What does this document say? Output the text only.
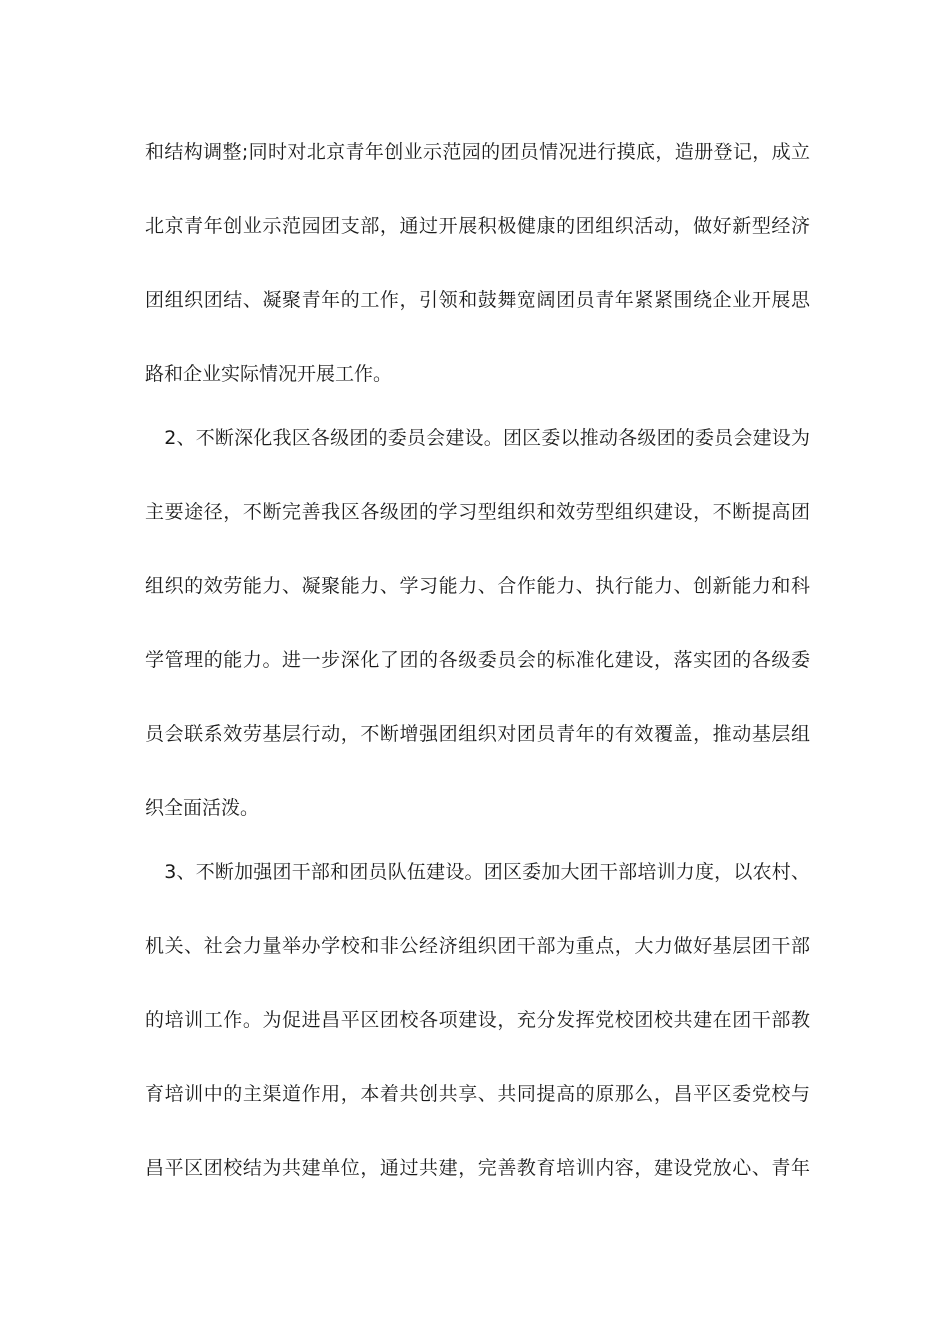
和结构调整;同时对北京青年创业示范园的团员情况进行摸底，造册登记，成立
北京青年创业示范园团支部，通过开展积极健康的团组织活动，做好新型经济
团组织团结、凝聚青年的工作，引领和鼓舞宽阔团员青年紧紧围绕企业开展思
路和企业实际情况开展工作。
　2、不断深化我区各级团的委员会建设。团区委以推动各级团的委员会建设为
主要途径，不断完善我区各级团的学习型组织和效劳型组织建设，不断提高团
组织的效劳能力、凝聚能力、学习能力、合作能力、执行能力、创新能力和科
学管理的能力。进一步深化了团的各级委员会的标准化建设，落实团的各级委
员会联系效劳基层行动，不断增强团组织对团员青年的有效覆盖，推动基层组
织全面活泼。
　3、不断加强团干部和团员队伍建设。团区委加大团干部培训力度，以农村、
机关、社会力量举办学校和非公经济组织团干部为重点，大力做好基层团干部
的培训工作。为促进昌平区团校各项建设，充分发挥党校团校共建在团干部教
育培训中的主渠道作用，本着共创共享、共同提高的原那么，昌平区委党校与
昌平区团校结为共建单位，通过共建，完善教育培训内容，建设党放心、青年
